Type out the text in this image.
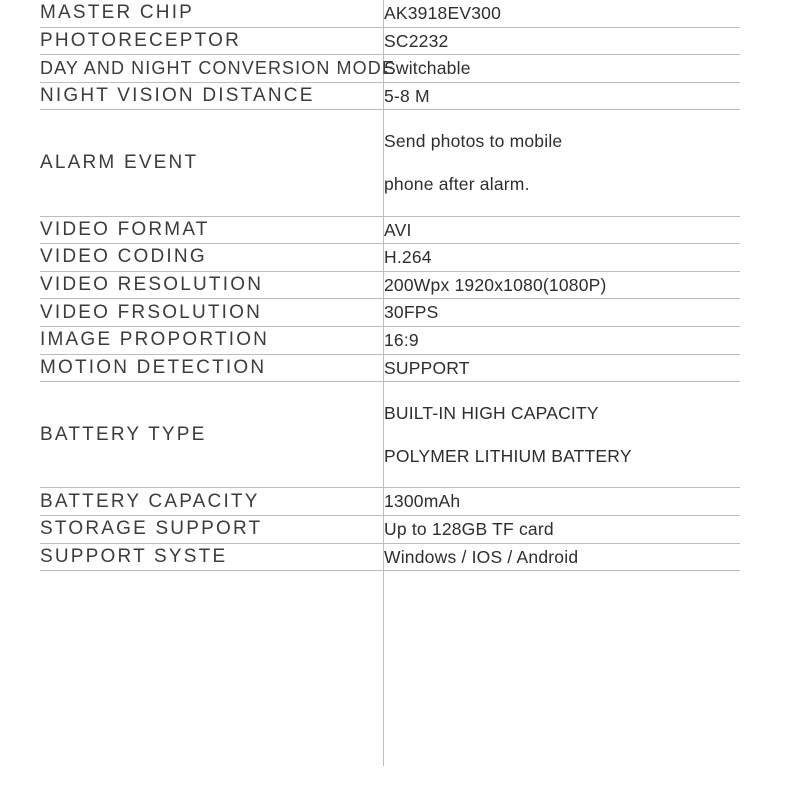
MASTER CHIP	AK3918EV300

PHOTORECEPTOR	SC2232

DAY AND NIGHT CONVERSION MODE	Switchable

NIGHT VISION DISTANCE	5-8 M

ALARM EVENT	Send photos to mobile
phone after alarm.

VIDEO FORMAT	AVI

VIDEO CODING	H.264

VIDEO RESOLUTION	200Wpx 1920x1080(1080P)

VIDEO FRSOLUTION	30FPS

IMAGE PROPORTION	16:9

MOTION DETECTION	SUPPORT

BATTERY TYPE	BUILT-IN HIGH CAPACITY
POLYMER LITHIUM BATTERY

BATTERY CAPACITY	1300mAh

STORAGE SUPPORT	Up to 128GB TF card

SUPPORT SYSTE	Windows / IOS / Android
